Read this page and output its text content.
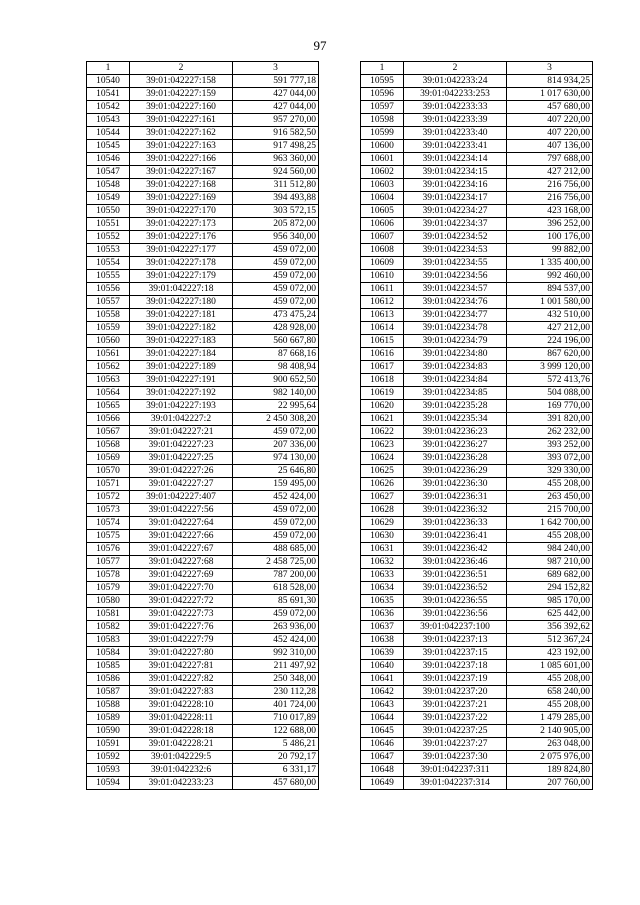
97
1	2	3
10540	39:01:042227:158	591 777,18
10541	39:01:042227:159	427 044,00
10542	39:01:042227:160	427 044,00
10543	39:01:042227:161	957 270,00
10544	39:01:042227:162	916 582,50
10545	39:01:042227:163	917 498,25
10546	39:01:042227:166	963 360,00
10547	39:01:042227:167	924 560,00
10548	39:01:042227:168	311 512,80
10549	39:01:042227:169	394 493,88
10550	39:01:042227:170	303 572,15
10551	39:01:042227:173	205 872,00
10552	39:01:042227:176	956 340,00
10553	39:01:042227:177	459 072,00
10554	39:01:042227:178	459 072,00
10555	39:01:042227:179	459 072,00
10556	39:01:042227:18	459 072,00
10557	39:01:042227:180	459 072,00
10558	39:01:042227:181	473 475,24
10559	39:01:042227:182	428 928,00
10560	39:01:042227:183	560 667,80
10561	39:01:042227:184	87 668,16
10562	39:01:042227:189	98 408,94
10563	39:01:042227:191	900 652,50
10564	39:01:042227:192	982 140,00
10565	39:01:042227:193	22 995,64
10566	39:01:042227:2	2 450 308,20
10567	39:01:042227:21	459 072,00
10568	39:01:042227:23	207 336,00
10569	39:01:042227:25	974 130,00
10570	39:01:042227:26	25 646,80
10571	39:01:042227:27	159 495,00
10572	39:01:042227:407	452 424,00
10573	39:01:042227:56	459 072,00
10574	39:01:042227:64	459 072,00
10575	39:01:042227:66	459 072,00
10576	39:01:042227:67	488 685,00
10577	39:01:042227:68	2 458 725,00
10578	39:01:042227:69	787 200,00
10579	39:01:042227:70	618 528,00
10580	39:01:042227:72	85 691,30
10581	39:01:042227:73	459 072,00
10582	39:01:042227:76	263 936,00
10583	39:01:042227:79	452 424,00
10584	39:01:042227:80	992 310,00
10585	39:01:042227:81	211 497,92
10586	39:01:042227:82	250 348,00
10587	39:01:042227:83	230 112,28
10588	39:01:042228:10	401 724,00
10589	39:01:042228:11	710 017,89
10590	39:01:042228:18	122 688,00
10591	39:01:042228:21	5 486,21
10592	39:01:042229:5	20 792,17
10593	39:01:042232:6	6 331,17
10594	39:01:042233:23	457 680,00
1	2	3
10595	39:01:042233:24	814 934,25
10596	39:01:042233:253	1 017 630,00
10597	39:01:042233:33	457 680,00
10598	39:01:042233:39	407 220,00
10599	39:01:042233:40	407 220,00
10600	39:01:042233:41	407 136,00
10601	39:01:042234:14	797 688,00
10602	39:01:042234:15	427 212,00
10603	39:01:042234:16	216 756,00
10604	39:01:042234:17	216 756,00
10605	39:01:042234:27	423 168,00
10606	39:01:042234:37	396 252,00
10607	39:01:042234:52	100 176,00
10608	39:01:042234:53	99 882,00
10609	39:01:042234:55	1 335 400,00
10610	39:01:042234:56	992 460,00
10611	39:01:042234:57	894 537,00
10612	39:01:042234:76	1 001 580,00
10613	39:01:042234:77	432 510,00
10614	39:01:042234:78	427 212,00
10615	39:01:042234:79	224 196,00
10616	39:01:042234:80	867 620,00
10617	39:01:042234:83	3 999 120,00
10618	39:01:042234:84	572 413,76
10619	39:01:042234:85	504 088,00
10620	39:01:042235:28	169 770,00
10621	39:01:042235:34	391 820,00
10622	39:01:042236:23	262 232,00
10623	39:01:042236:27	393 252,00
10624	39:01:042236:28	393 072,00
10625	39:01:042236:29	329 330,00
10626	39:01:042236:30	455 208,00
10627	39:01:042236:31	263 450,00
10628	39:01:042236:32	215 700,00
10629	39:01:042236:33	1 642 700,00
10630	39:01:042236:41	455 208,00
10631	39:01:042236:42	984 240,00
10632	39:01:042236:46	987 210,00
10633	39:01:042236:51	689 682,00
10634	39:01:042236:52	294 152,82
10635	39:01:042236:55	985 170,00
10636	39:01:042236:56	625 442,00
10637	39:01:042237:100	356 392,62
10638	39:01:042237:13	512 367,24
10639	39:01:042237:15	423 192,00
10640	39:01:042237:18	1 085 601,00
10641	39:01:042237:19	455 208,00
10642	39:01:042237:20	658 240,00
10643	39:01:042237:21	455 208,00
10644	39:01:042237:22	1 479 285,00
10645	39:01:042237:25	2 140 905,00
10646	39:01:042237:27	263 048,00
10647	39:01:042237:30	2 075 976,00
10648	39:01:042237:311	189 824,80
10649	39:01:042237:314	207 760,00
